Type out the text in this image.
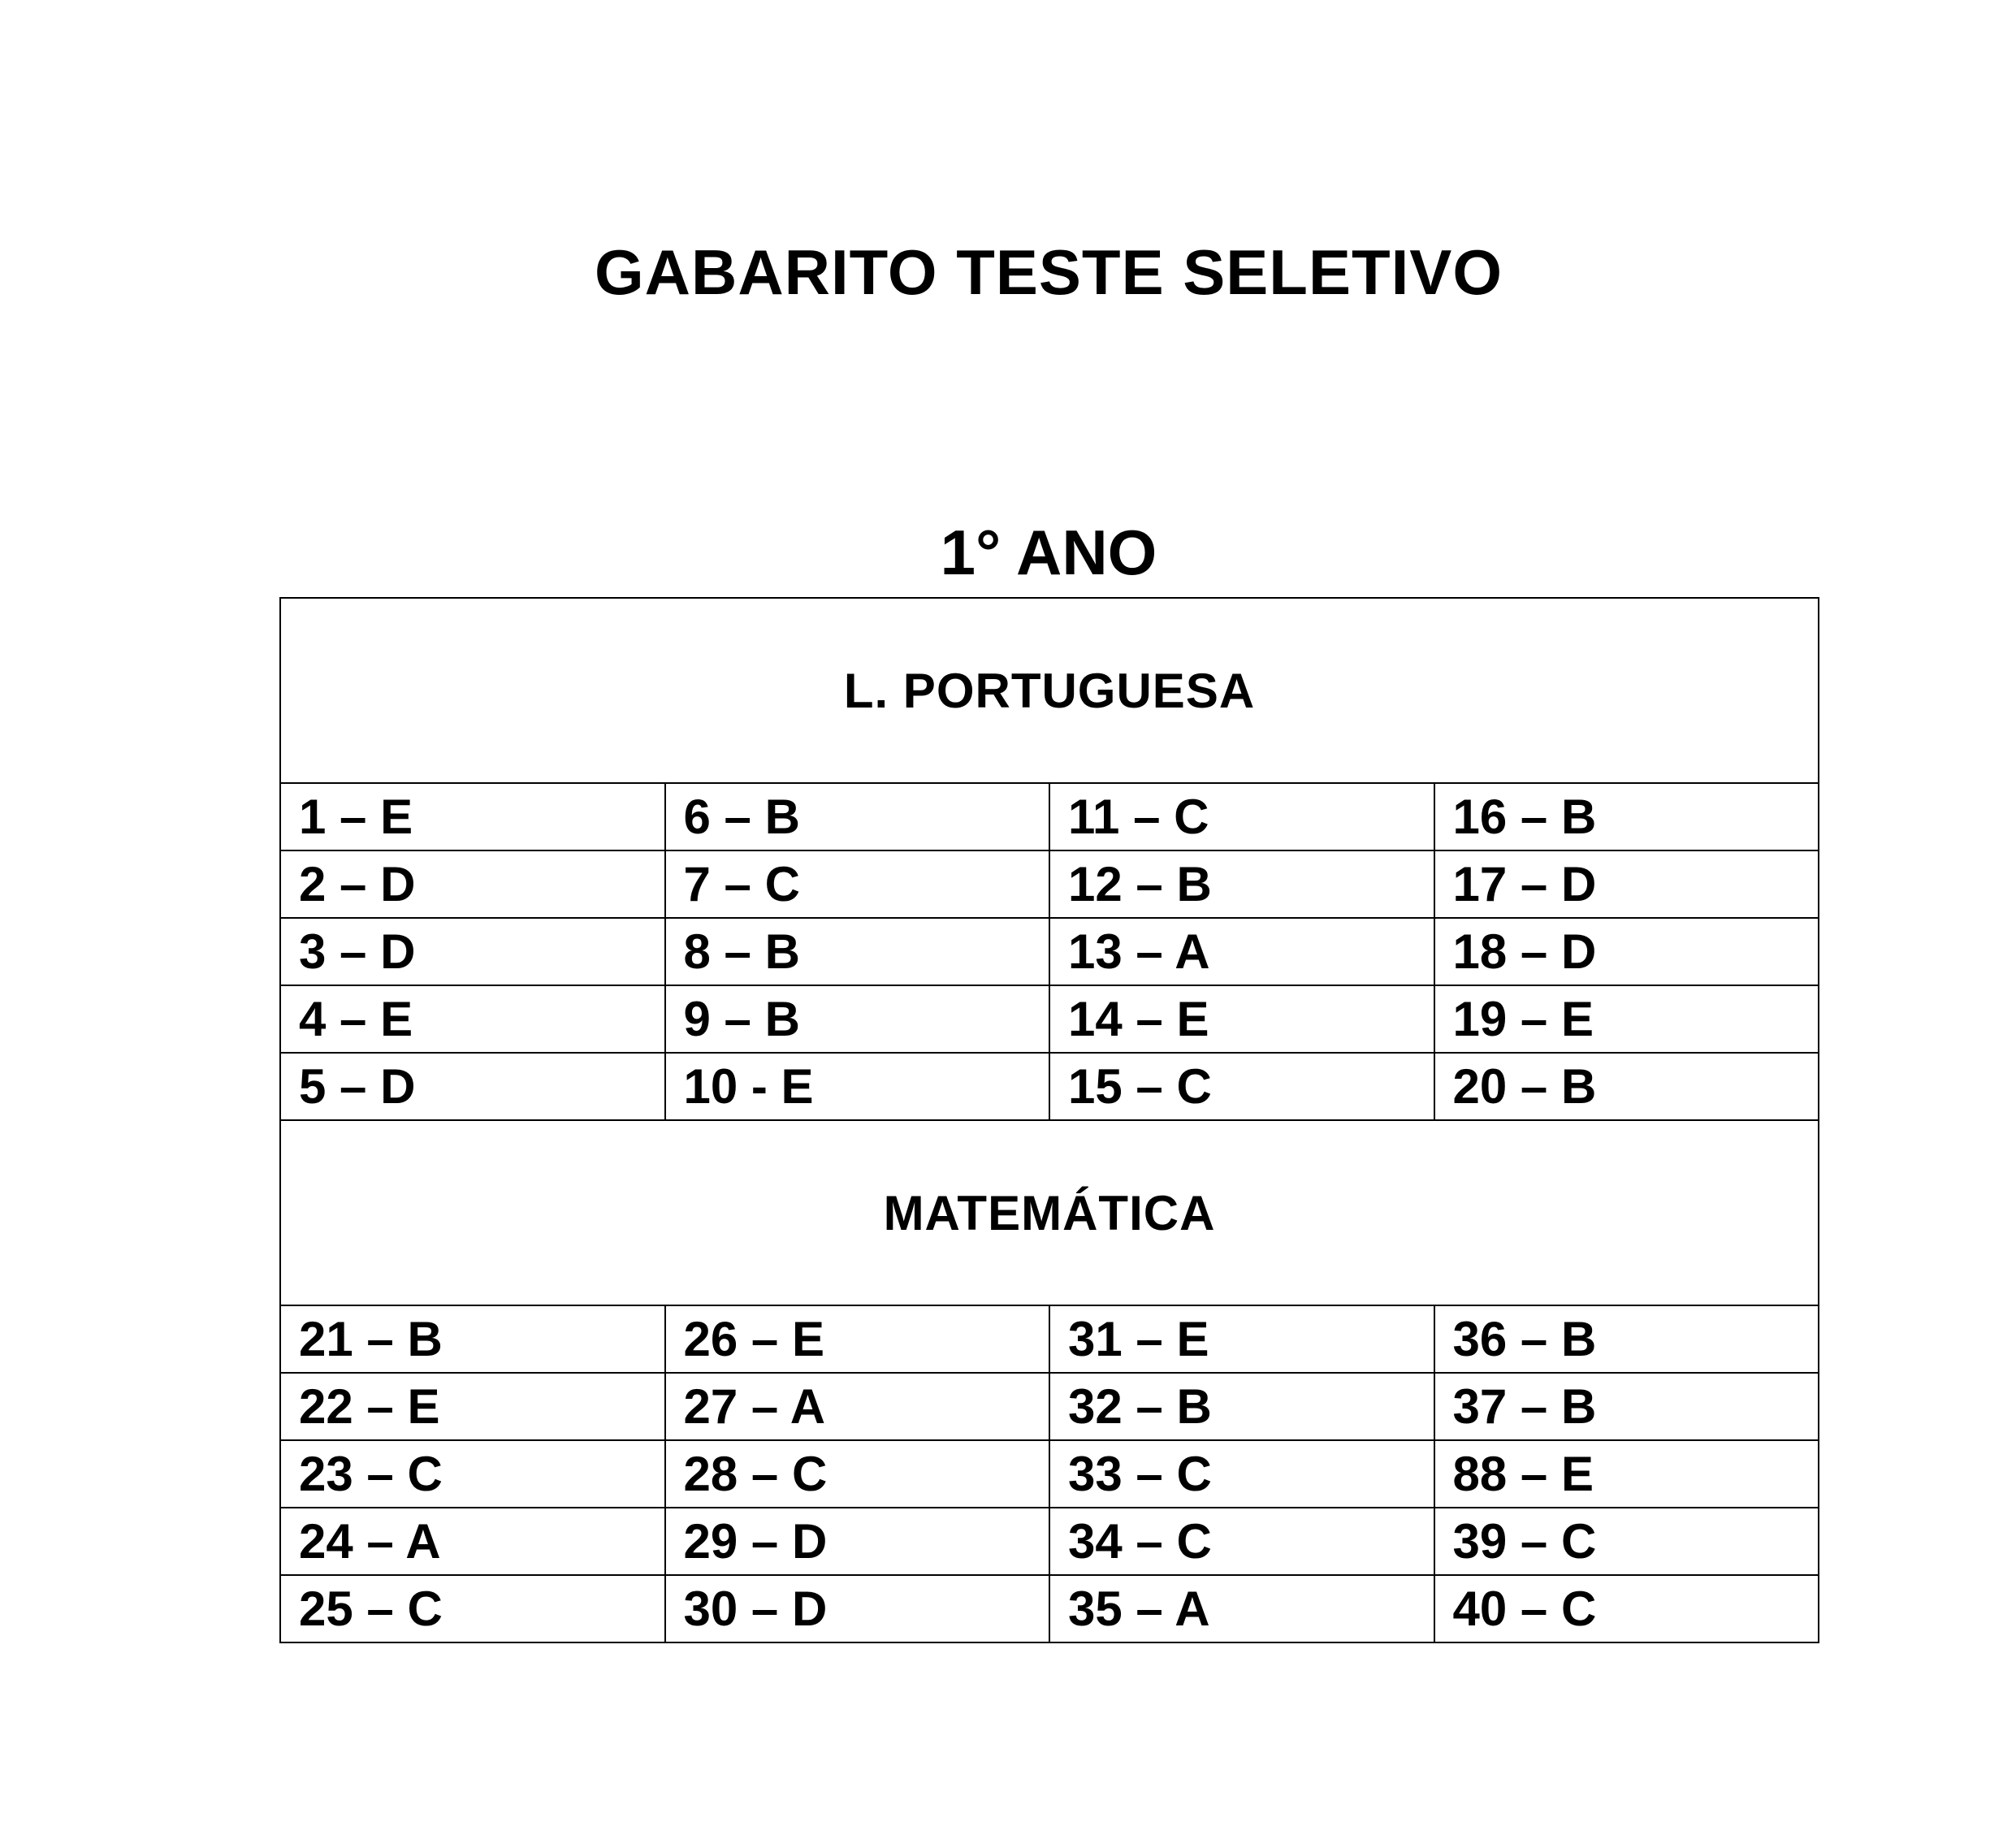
GABARITO TESTE SELETIVO
1° ANO
L. PORTUGUESA			
1 – E	6 – B	11 – C	16 – B
2 – D	7 – C	12 – B	17 – D
3 – D	8 – B	13 – A	18 – D
4 – E	9 – B	14 – E	19 – E
5 – D	10 - E	15 – C	20 – B
MATEMÁTICA			
21 – B	26 – E	31 – E	36 – B
22 – E	27 – A	32 – B	37 – B
23 – C	28 – C	33 – C	88 – E
24 – A	29 – D	34 – C	39 – C
25 – C	30 – D	35 – A	40 – C
